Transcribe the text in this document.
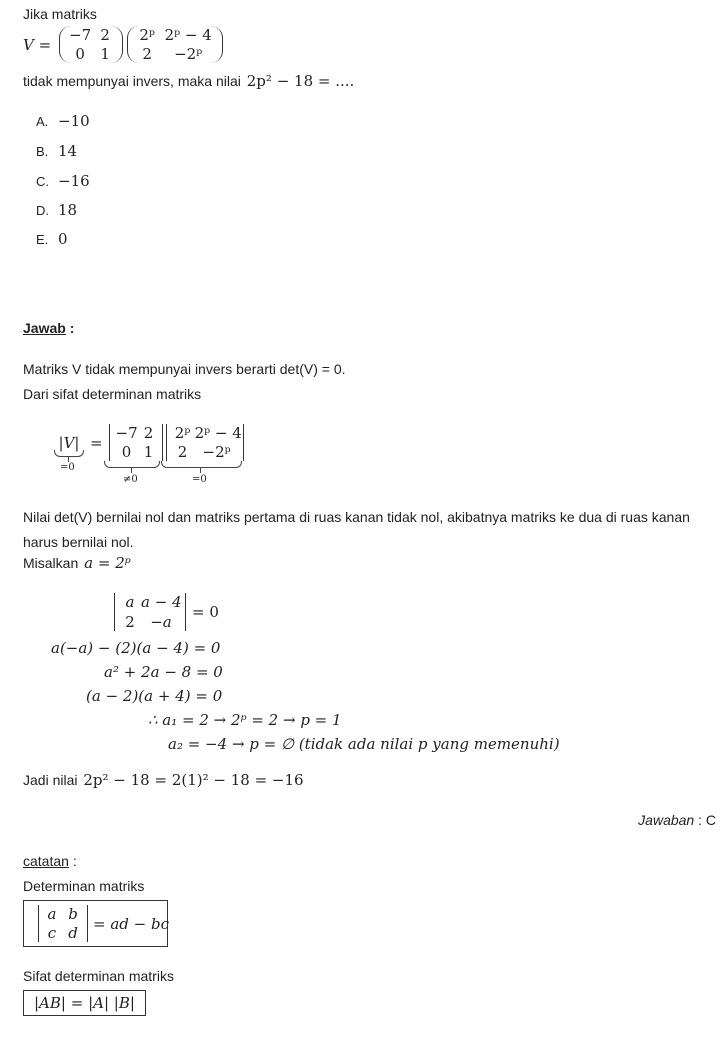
Jika matriks
V =
−7 2
0	1
2ᵖ 2ᵖ − 4
2	−2ᵖ
tidak mempunyai invers, maka nilai 2p² − 18 = ....
A. −10
B. 14
C. −16
D. 18
E. 0
Jawab :
Matriks V tidak mempunyai invers berarti det(V) = 0.
Dari sifat determinan matriks
|V| =
−7 2
0 1
2ᵖ 2ᵖ − 4
2	−2ᵖ
=0
≠0	=0
Nilai det(V) bernilai nol dan matriks pertama di ruas kanan tidak nol, akibatnya matriks ke dua di ruas kanan harus bernilai nol.
Misalkan a = 2ᵖ
a a − 4
2	−a
= 0
a(−a) − (2)(a − 4) = 0
a² + 2a − 8 = 0
(a − 2)(a + 4) = 0
∴ a₁ = 2 → 2ᵖ = 2 → p = 1
a₂ = −4 → p = ∅ (tidak ada nilai p yang memenuhi)
Jadi nilai 2p² − 18 = 2(1)² − 18 = −16
Jawaban : C
catatan :
Determinan matriks
a b
c d
= ad − bc
Sifat determinan matriks
|AB| = |A| |B|
